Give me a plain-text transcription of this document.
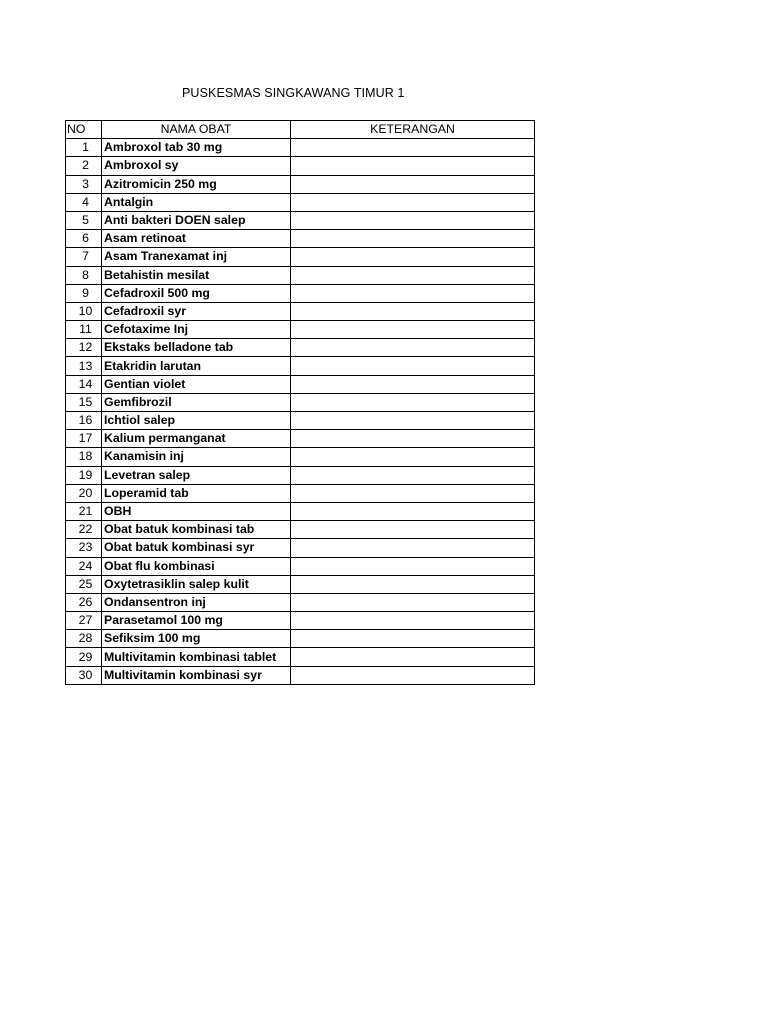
PUSKESMAS SINGKAWANG TIMUR 1
NO	NAMA OBAT	KETERANGAN
1	Ambroxol tab 30 mg	
2	Ambroxol sy	
3	Azitromicin 250 mg	
4	Antalgin	
5	Anti bakteri DOEN salep	
6	Asam retinoat	
7	Asam Tranexamat inj	
8	Betahistin mesilat	
9	Cefadroxil 500 mg	
10	Cefadroxil syr	
11	Cefotaxime Inj	
12	Ekstaks belladone tab	
13	Etakridin larutan	
14	Gentian violet	
15	Gemfibrozil	
16	Ichtiol salep	
17	Kalium permanganat	
18	Kanamisin inj	
19	Levetran salep	
20	Loperamid tab	
21	OBH	
22	Obat batuk kombinasi tab	
23	Obat batuk kombinasi syr	
24	Obat flu kombinasi	
25	Oxytetrasiklin salep kulit	
26	Ondansentron inj	
27	Parasetamol 100 mg	
28	Sefiksim 100 mg	
29	Multivitamin kombinasi tablet	
30	Multivitamin kombinasi syr	
